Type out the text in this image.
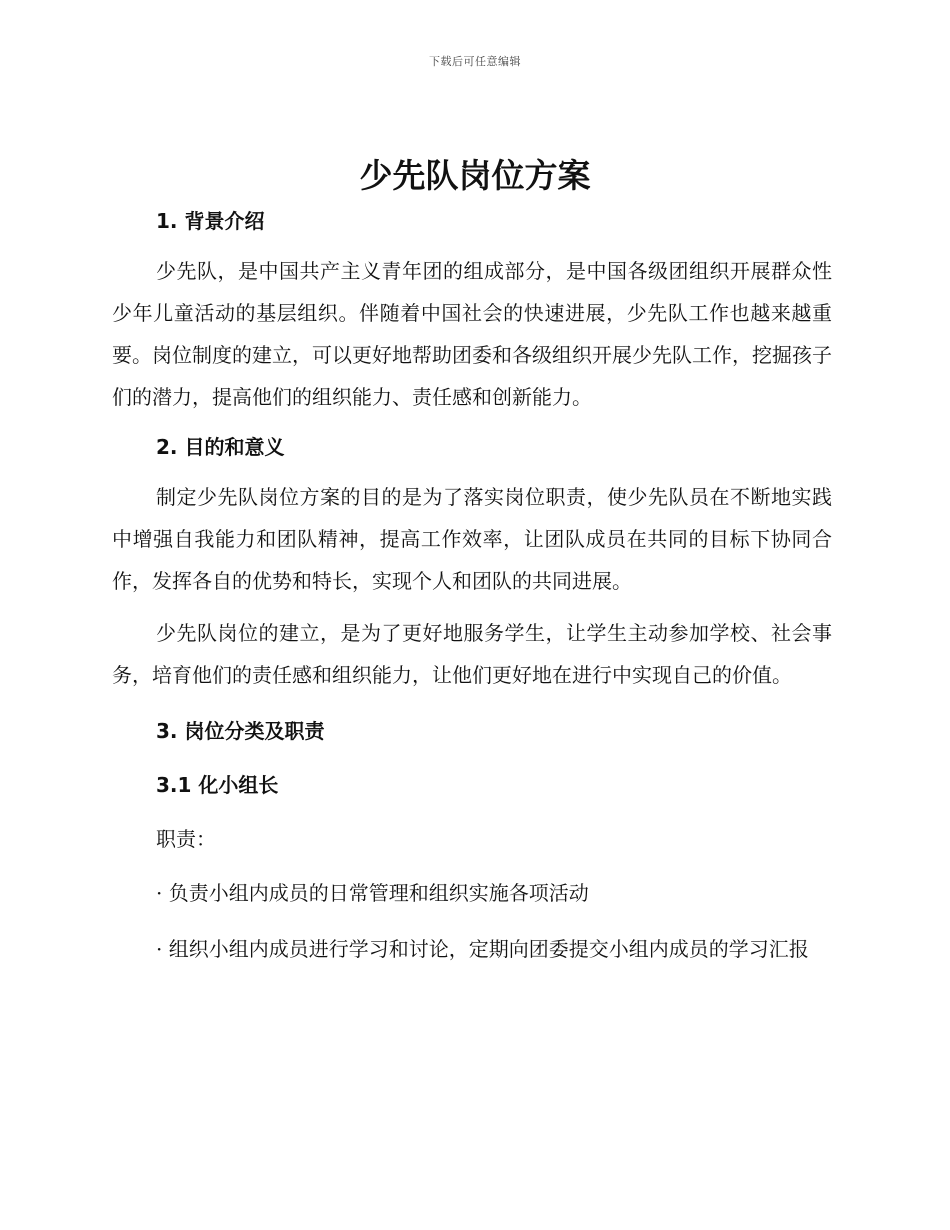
下载后可任意编辑
少先队岗位方案
1. 背景介绍

少先队，是中国共产主义青年团的组成部分，是中国各级团组织开展群众性少年儿童活动的基层组织。伴随着中国社会的快速进展，少先队工作也越来越重要。岗位制度的建立，可以更好地帮助团委和各级组织开展少先队工作，挖掘孩子们的潜力，提高他们的组织能力、责任感和创新能力。

2. 目的和意义

制定少先队岗位方案的目的是为了落实岗位职责，使少先队员在不断地实践中增强自我能力和团队精神，提高工作效率，让团队成员在共同的目标下协同合作，发挥各自的优势和特长，实现个人和团队的共同进展。

少先队岗位的建立，是为了更好地服务学生，让学生主动参加学校、社会事务，培育他们的责任感和组织能力，让他们更好地在进行中实现自己的价值。

3. 岗位分类及职责
3.1 化小组长
职责：
· 负责小组内成员的日常管理和组织实施各项活动

· 组织小组内成员进行学习和讨论，定期向团委提交小组内成员的学习汇报
